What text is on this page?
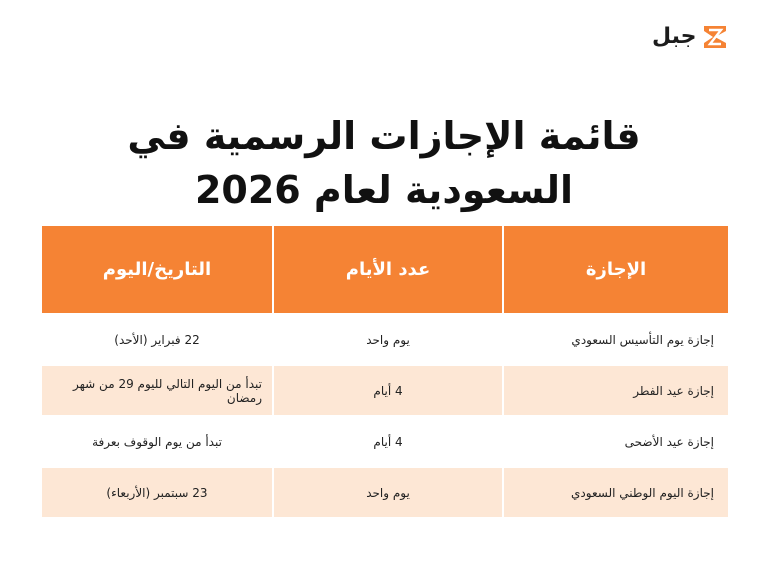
جبل
قائمة الإجازات الرسمية في
السعودية لعام 2026
الإجازة
عدد الأيام
التاريخ/اليوم
إجازة يوم التأسيس السعودي
يوم واحد
22 فبراير (الأحد)
إجازة عيد الفطر
4 أيام
تبدأ من اليوم التالي لليوم 29 من شهر رمضان
إجازة عيد الأضحى
4 أيام
تبدأ من يوم الوقوف بعرفة
إجازة اليوم الوطني السعودي
يوم واحد
23 سبتمبر (الأربعاء)
